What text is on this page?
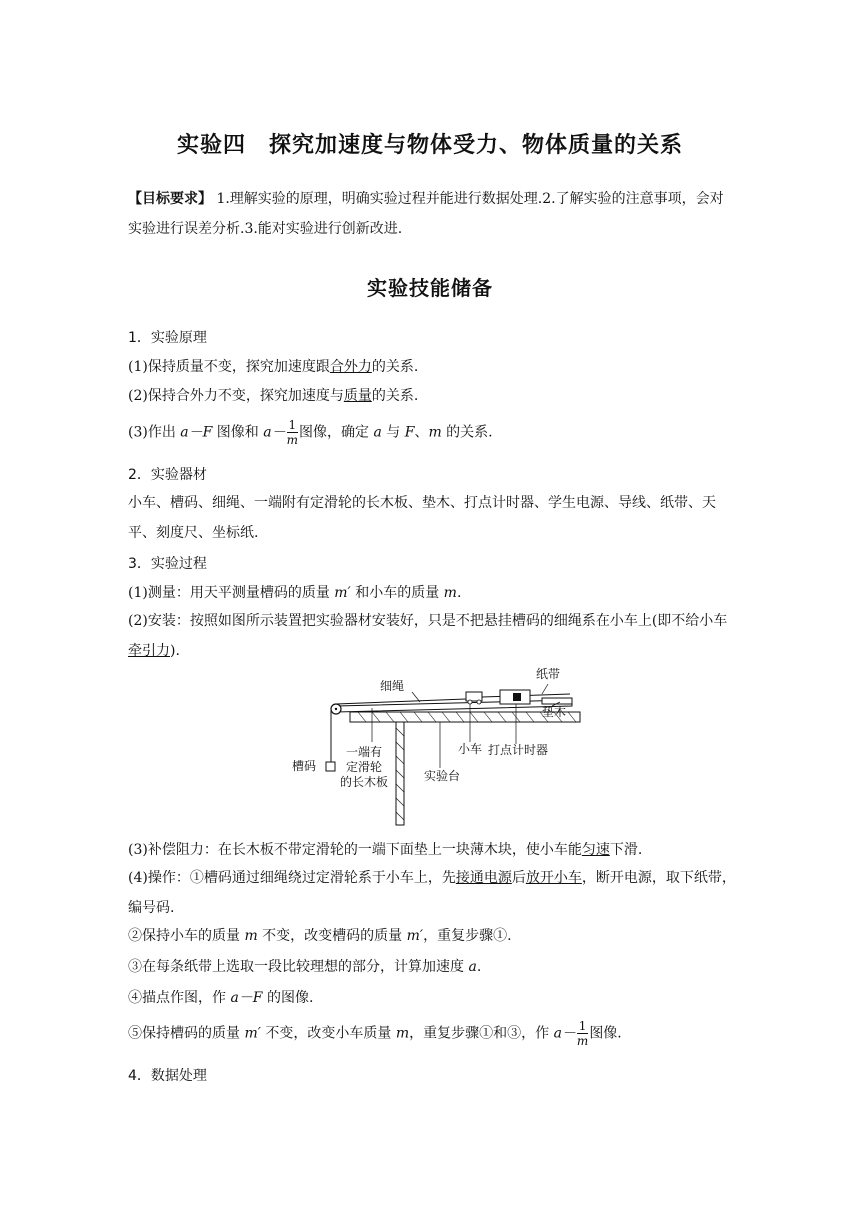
实验四　探究加速度与物体受力、物体质量的关系
【目标要求】 1.理解实验的原理，明确实验过程并能进行数据处理.2.了解实验的注意事项，会对实验进行误差分析.3.能对实验进行创新改进.
实验技能储备
1．实验原理
(1)保持质量不变，探究加速度跟合外力的关系.
(2)保持合外力不变，探究加速度与质量的关系.
(3)作出 a－F 图像和 $a- \frac{1}{m}$ 图像，确定 a 与 F、m 的关系.
2．实验器材
小车、槽码、细绳、一端附有定滑轮的长木板、垫木、打点计时器、学生电源、导线、纸带、天平、刻度尺、坐标纸.
3．实验过程
(1)测量：用天平测量槽码的质量 m′ 和小车的质量 m.
(2)安装：按照如图所示装置把实验器材安装好，只是不把悬挂槽码的细绳系在小车上(即不给小车牵引力).
细绳
纸带
垫木
槽码
一端有
定滑轮
的长木板
小车 打点计时器
实验台
(3)补偿阻力：在长木板不带定滑轮的一端下面垫上一块薄木块，使小车能匀速下滑.
(4)操作：①槽码通过细绳绕过定滑轮系于小车上，先接通电源后放开小车，断开电源，取下纸带，编号码.
②保持小车的质量 m 不变，改变槽码的质量 m′，重复步骤①.
③在每条纸带上选取一段比较理想的部分，计算加速度 a.
④描点作图，作 a－F 的图像.
⑤保持槽码的质量 m′ 不变，改变小车质量 m，重复步骤①和③，作 $a- \frac{1}{m}$ 图像.
4．数据处理
